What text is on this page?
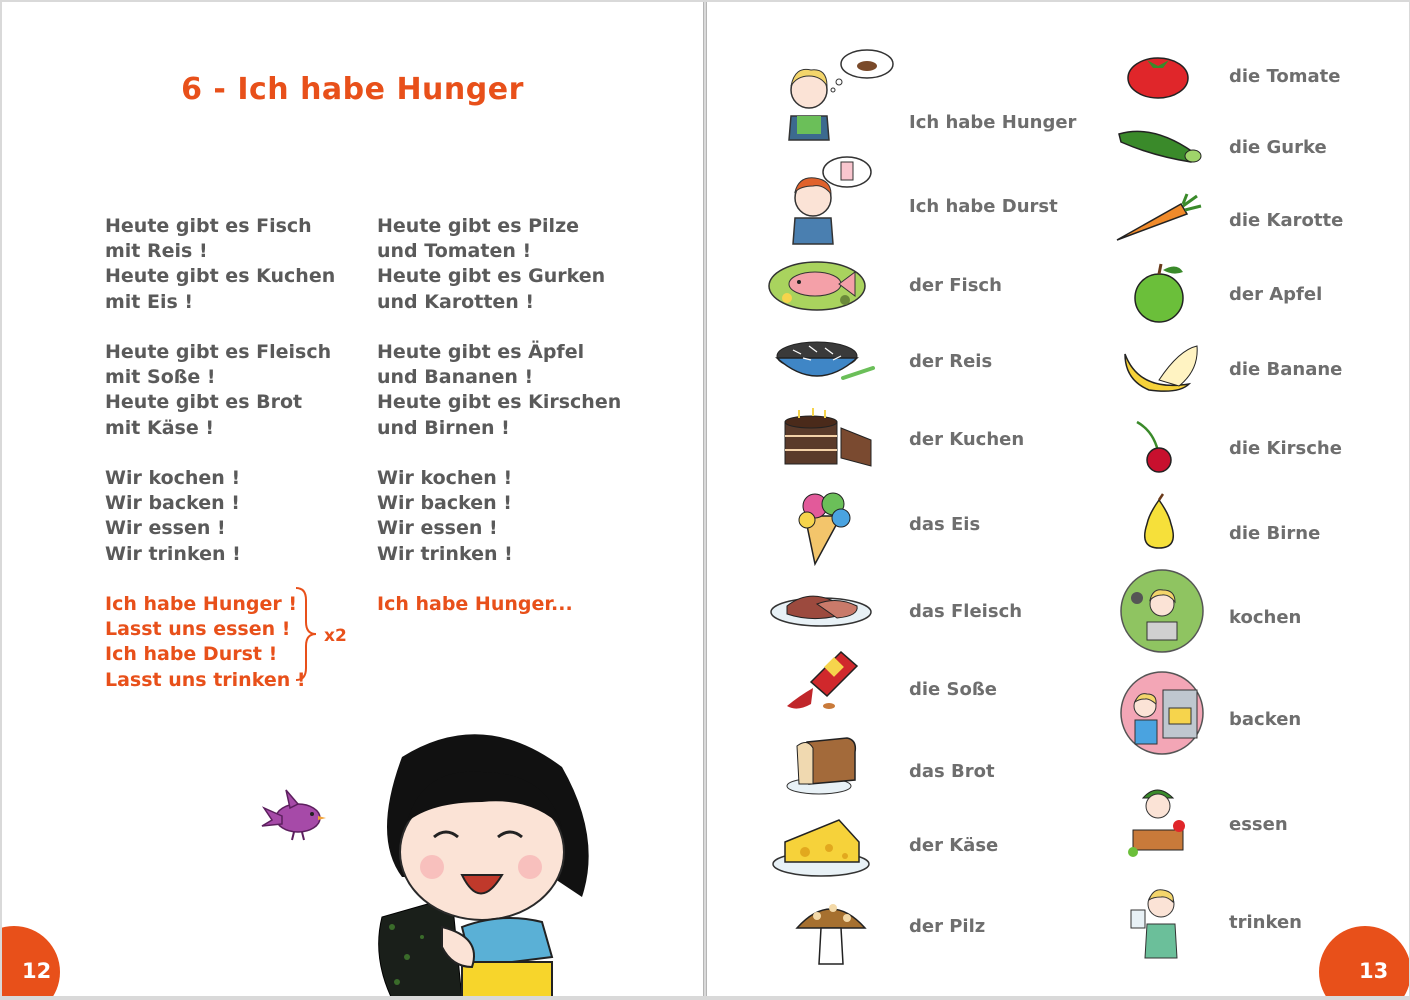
6 - Ich habe Hunger
Heute gibt es Fisch
mit Reis !
Heute gibt es Kuchen
mit Eis !
Heute gibt es Fleisch
mit Soße !
Heute gibt es Brot
mit Käse !
Wir kochen !
Wir backen !
Wir essen !
Wir trinken !
Ich habe Hunger !
Lasst uns essen !
Ich habe Durst !
Lasst uns trinken !
x2
Heute gibt es Pilze
und Tomaten !
Heute gibt es Gurken
und Karotten !
Heute gibt es Äpfel
und Bananen !
Heute gibt es Kirschen
und Birnen !
Wir kochen !
Wir backen !
Wir essen !
Wir trinken !
Ich habe Hunger...
12
Ich habe Hunger
Ich habe Durst
der Fisch
der Reis
der Kuchen
das Eis
das Fleisch
die Soße
das Brot
der Käse
der Pilz
die Tomate
die Gurke
die Karotte
der Apfel
die Banane
die Kirsche
die Birne
kochen
backen
essen
trinken
13
